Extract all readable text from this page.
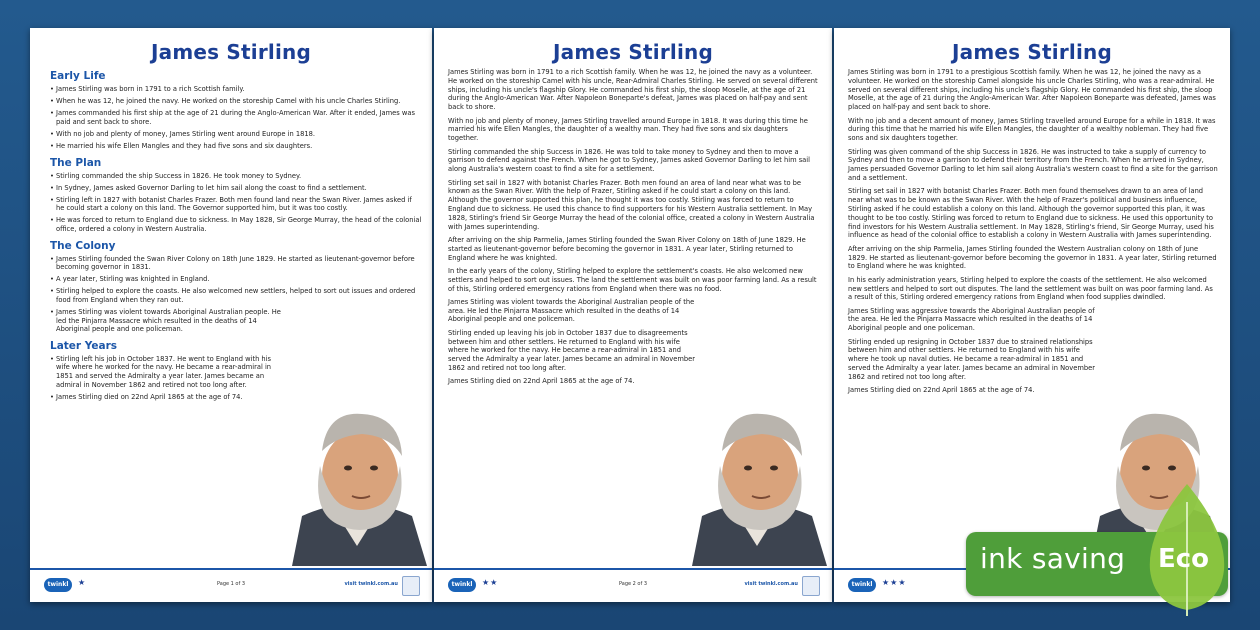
James Stirling
Early Life
• James Stirling was born in 1791 to a rich Scottish family.
• When he was 12, he joined the navy. He worked on the storeship Camel with his uncle Charles Stirling.
• James commanded his first ship at the age of 21 during the Anglo-American War. After it ended, James was paid and sent back to shore.
• With no job and plenty of money, James Stirling went around Europe in 1818.
• He married his wife Ellen Mangles and they had five sons and six daughters.
The Plan
• Stirling commanded the ship Success in 1826. He took money to Sydney.
• In Sydney, James asked Governor Darling to let him sail along the coast to find a settlement.
• Stirling left in 1827 with botanist Charles Frazer. Both men found land near the Swan River. James asked if he could start a colony on this land. The Governor supported him, but it was too costly.
• He was forced to return to England due to sickness. In May 1828, Sir George Murray, the head of the colonial office, ordered a colony in Western Australia.
The Colony
• James Stirling founded the Swan River Colony on 18th June 1829. He started as lieutenant-governor before becoming governor in 1831.
• A year later, Stirling was knighted in England.
• Stirling helped to explore the coasts. He also welcomed new settlers, helped to sort out issues and ordered food from England when they ran out.
• James Stirling was violent towards Aboriginal Australian people. He led the Pinjarra Massacre which resulted in the deaths of 14 Aboriginal people and one policeman.
Later Years
• Stirling left his job in October 1837. He went to England with his wife where he worked for the navy. He became a rear-admiral in 1851 and served the Admiralty a year later. James became an admiral in November 1862 and retired not too long after.
• James Stirling died on 22nd April 1865 at the age of 74.
twinkl	★	Page 1 of 3	visit twinkl.com.au
James Stirling

James Stirling was born in 1791 to a rich Scottish family. When he was 12, he joined the navy as a volunteer. He worked on the storeship Camel with his uncle, Rear-Admiral Charles Stirling. He served on several different ships, including his uncle's flagship Glory. He commanded his first ship, the sloop Moselle, at the age of 21 during the Anglo-American War. After Napoleon Boneparte's defeat, James was placed on half-pay and sent back to shore.

With no job and plenty of money, James Stirling travelled around Europe in 1818. It was during this time he married his wife Ellen Mangles, the daughter of a wealthy man. They had five sons and six daughters together.

Stirling commanded the ship Success in 1826. He was told to take money to Sydney and then to move a garrison to defend against the French. When he got to Sydney, James asked Governor Darling to let him sail along Australia's western coast to find a site for a settlement.

Stirling set sail in 1827 with botanist Charles Frazer. Both men found an area of land near what was to be known as the Swan River. With the help of Frazer, Stirling asked if he could start a colony on this land. Although the governor supported this plan, he thought it was too costly. Stirling was forced to return to England due to sickness. He used this chance to find supporters for his Western Australia settlement. In May 1828, Stirling's friend Sir George Murray the head of the colonial office, created a colony in Western Australia with James superintending.

After arriving on the ship Parmelia, James Stirling founded the Swan River Colony on 18th of June 1829. He started as lieutenant-governor before becoming the governor in 1831. A year later, Stirling returned to England where he was knighted.

In the early years of the colony, Stirling helped to explore the settlement's coasts. He also welcomed new settlers and helped to sort out issues. The land the settlement was built on was poor farming land. As a result of this, Stirling ordered emergency rations from England when there was no food.

James Stirling was violent towards the Aboriginal Australian people of the area. He led the Pinjarra Massacre which resulted in the deaths of 14 Aboriginal people and one policeman.

Stirling ended up leaving his job in October 1837 due to disagreements between him and other settlers. He returned to England with his wife where he worked for the navy. He became a rear-admiral in 1851 and served the Admiralty a year later. James became an admiral in November 1862 and retired not too long after.

James Stirling died on 22nd April 1865 at the age of 74.

twinkl	★★	Page 2 of 3	visit twinkl.com.au
James Stirling

James Stirling was born in 1791 to a prestigious Scottish family. When he was 12, he joined the navy as a volunteer. He worked on the storeship Camel alongside his uncle Charles Stirling, who was a rear-admiral. He served on several different ships, including his uncle's flagship Glory. He commanded his first ship, the sloop Moselle, at the age of 21 during the Anglo-American War. After Napoleon Boneparte was defeated, James was placed on half-pay and sent back to shore.

With no job and a decent amount of money, James Stirling travelled around Europe for a while in 1818. It was during this time that he married his wife Ellen Mangles, the daughter of a wealthy nobleman. They had five sons and six daughters together.

Stirling was given command of the ship Success in 1826. He was instructed to take a supply of currency to Sydney and then to move a garrison to defend their territory from the French. When he arrived in Sydney, James persuaded Governor Darling to let him sail along Australia's western coast to find a site for the garrison and a settlement.

Stirling set sail in 1827 with botanist Charles Frazer. Both men found themselves drawn to an area of land near what was to be known as the Swan River. With the help of Frazer's political and business influence, Stirling asked if he could establish a colony on this land. Although the governor supported this plan, it was thought to be too costly. Stirling was forced to return to England due to sickness. He used this opportunity to find investors for his Western Australia settlement. In May 1828, Stirling's friend, Sir George Murray, used his influence as head of the colonial office to establish a colony in Western Australia with James superintending.

After arriving on the ship Parmelia, James Stirling founded the Western Australian colony on 18th of June 1829. He started as lieutenant-governor before becoming the governor in 1831. A year later, Stirling returned to England where he was knighted.

In his early administration years, Stirling helped to explore the coasts of the settlement. He also welcomed new settlers and helped to sort out disputes. The land the settlement was built on was poor farming land. As a result of this, Stirling ordered emergency rations from England when food supplies dwindled.

James Stirling was aggressive towards the Aboriginal Australian people of the area. He led the Pinjarra Massacre which resulted in the deaths of 14 Aboriginal people and one policeman.

Stirling ended up resigning in October 1837 due to strained relationships between him and other settlers. He returned to England with his wife where he took up naval duties. He became a rear-admiral in 1851 and served the Admiralty a year later. James became an admiral in November 1862 and retired not too long after.

James Stirling died on 22nd April 1865 at the age of 74.

twinkl	★★★
ink saving Eco
